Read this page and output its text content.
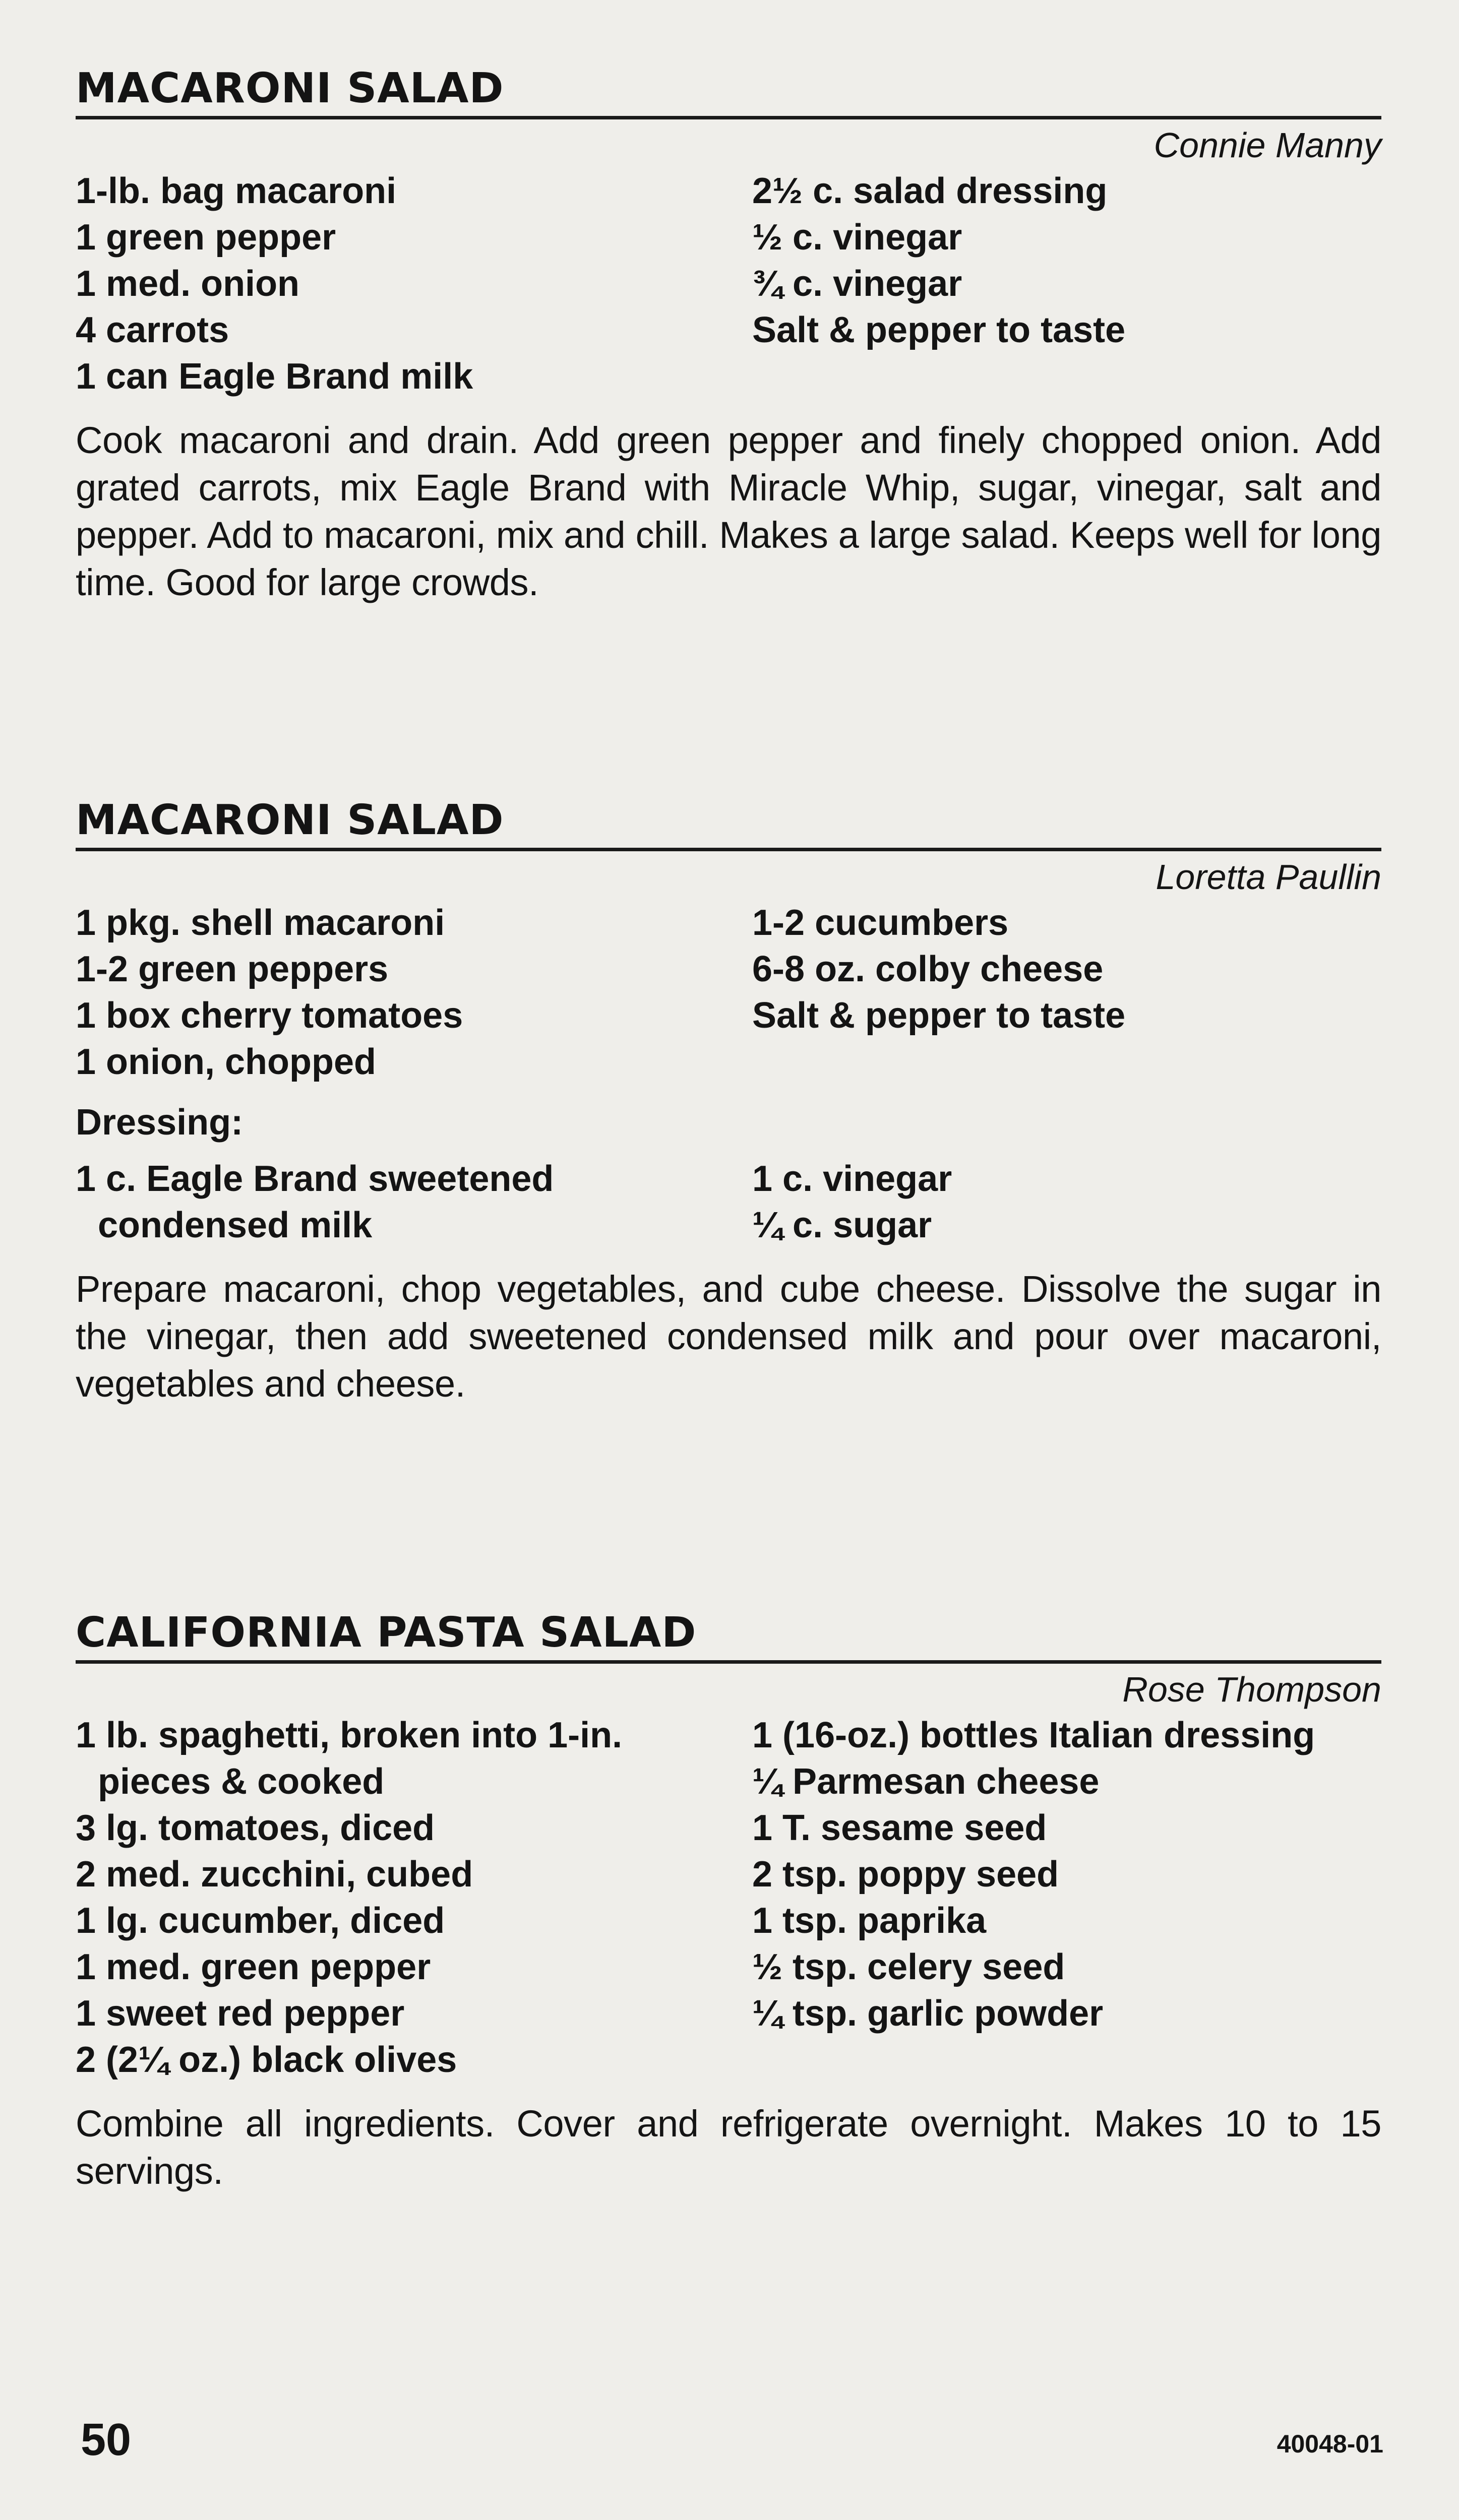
MACARONI SALAD
Connie Manny
1-lb. bag macaroni
1 green pepper
1 med. onion
4 carrots
1 can Eagle Brand milk
2½ c. salad dressing
½ c. vinegar
¾ c. vinegar
Salt & pepper to taste

Cook macaroni and drain. Add green pepper and finely chopped onion. Add grated carrots, mix Eagle Brand with Miracle Whip, sugar, vinegar, salt and pepper. Add to macaroni, mix and chill. Makes a large salad. Keeps well for long time. Good for large crowds.

MACARONI SALAD
Loretta Paullin
1 pkg. shell macaroni
1-2 green peppers
1 box cherry tomatoes
1 onion, chopped
1-2 cucumbers
6-8 oz. colby cheese
Salt & pepper to taste
Dressing:
1 c. Eagle Brand sweetened
condensed milk
1 c. vinegar
¼ c. sugar

Prepare macaroni, chop vegetables, and cube cheese. Dissolve the sugar in the vinegar, then add sweetened condensed milk and pour over macaroni, vegetables and cheese.

CALIFORNIA PASTA SALAD
Rose Thompson
1 lb. spaghetti, broken into 1-in.
pieces & cooked
3 lg. tomatoes, diced
2 med. zucchini, cubed
1 lg. cucumber, diced
1 med. green pepper
1 sweet red pepper
2 (2¼ oz.) black olives
1 (16-oz.) bottles Italian dressing
¼ Parmesan cheese
1 T. sesame seed
2 tsp. poppy seed
1 tsp. paprika
½ tsp. celery seed
¼ tsp. garlic powder

Combine all ingredients. Cover and refrigerate overnight. Makes 10 to 15 servings.

50	40048-01
